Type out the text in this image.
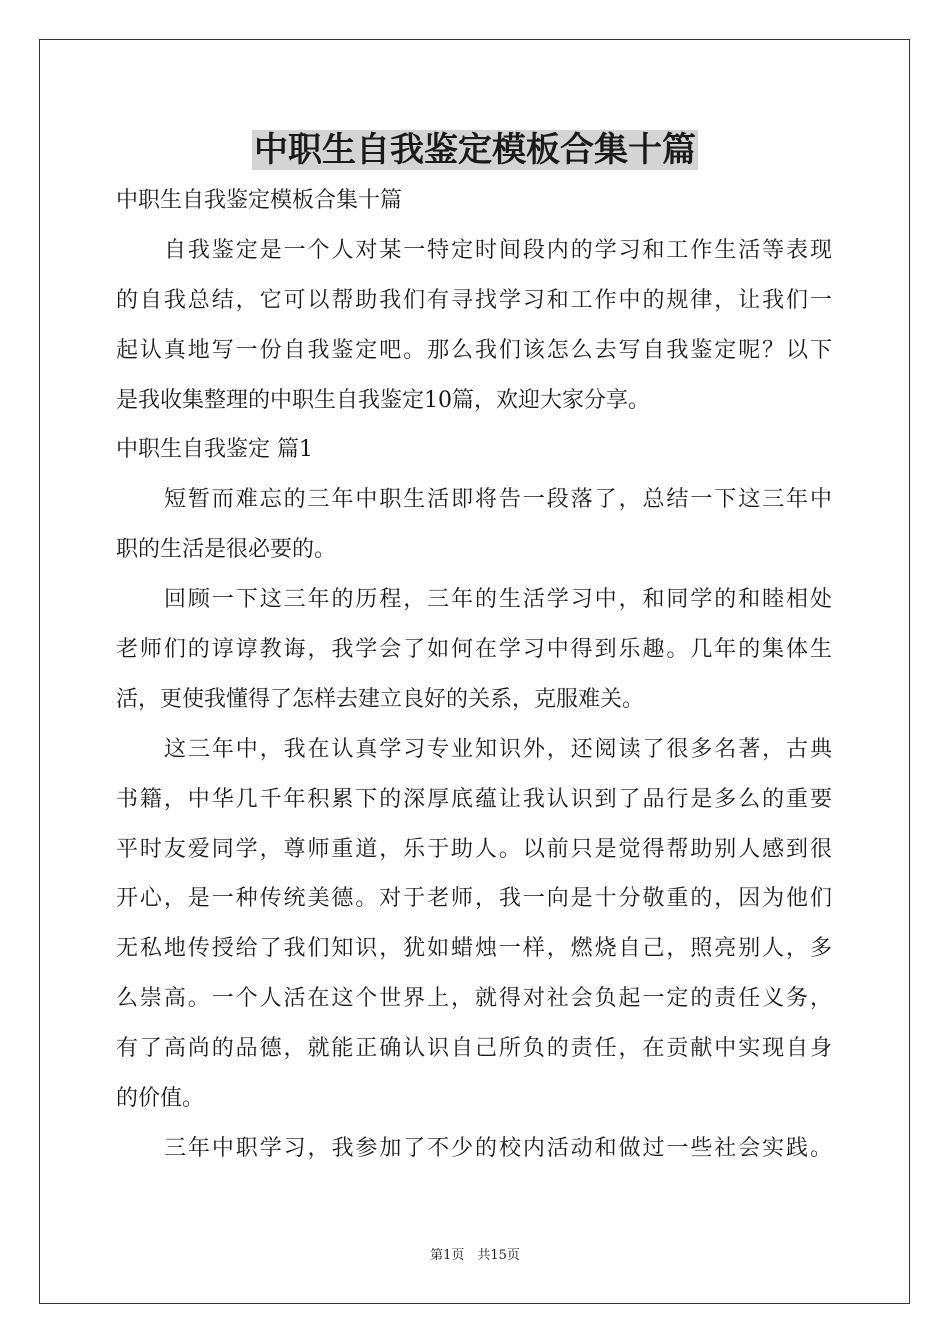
中职生自我鉴定模板合集十篇
中职生自我鉴定模板合集十篇
自我鉴定是一个人对某一特定时间段内的学习和工作生活等表现
的自我总结，它可以帮助我们有寻找学习和工作中的规律，让我们一
起认真地写一份自我鉴定吧。那么我们该怎么去写自我鉴定呢？以下
是我收集整理的中职生自我鉴定10篇，欢迎大家分享。
中职生自我鉴定 篇1
短暂而难忘的三年中职生活即将告一段落了，总结一下这三年中
职的生活是很必要的。
回顾一下这三年的历程，三年的生活学习中，和同学的和睦相处
老师们的谆谆教诲，我学会了如何在学习中得到乐趣。几年的集体生
活，更使我懂得了怎样去建立良好的关系，克服难关。
这三年中，我在认真学习专业知识外，还阅读了很多名著，古典
书籍，中华几千年积累下的深厚底蕴让我认识到了品行是多么的重要
平时友爱同学，尊师重道，乐于助人。以前只是觉得帮助别人感到很
开心，是一种传统美德。对于老师，我一向是十分敬重的，因为他们
无私地传授给了我们知识，犹如蜡烛一样，燃烧自己，照亮别人，多
么崇高。一个人活在这个世界上，就得对社会负起一定的责任义务，
有了高尚的品德，就能正确认识自己所负的责任，在贡献中实现自身
的价值。
三年中职学习，我参加了不少的校内活动和做过一些社会实践。
第1页　共15页
